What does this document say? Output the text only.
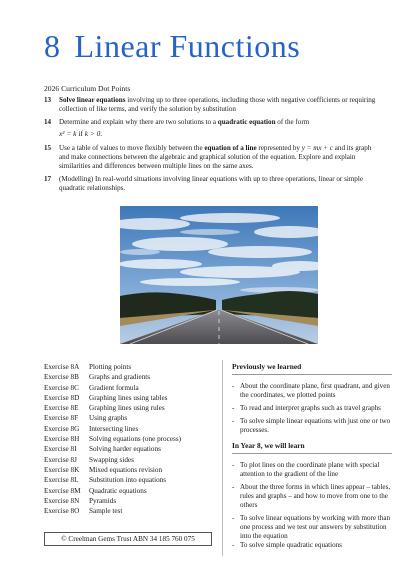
8 Linear Functions
2026 Curriculum Dot Points
13	Solve linear equations involving up to three operations, including those with negative coefficients or requiring collection of like terms, and verify the solution by substitution
14	Determine and explain why there are two solutions to a quadratic equation of the form
x² = k if k > 0.
15	Use a table of values to move flexibly between the equation of a line represented by y = mx + c and its graph and make connections between the algebraic and graphical solution of the equation. Explore and explain similarities and differences between multiple lines on the same axes.
17	(Modelling) In real-world situations involving linear equations with up to three operations, linear or simple quadratic relationships.
Exercise 8A	Plotting points
Exercise 8B	Graphs and gradients
Exercise 8C	Gradient formula
Exercise 8D	Graphing lines using tables
Exercise 8E	Graphing lines using rules
Exercise 8F	Using graphs
Exercise 8G	Intersecting lines
Exercise 8H	Solving equations (one process)
Exercise 8I	Solving harder equations
Exercise 8J	Swapping sides
Exercise 8K	Mixed equations revision
Exercise 8L	Substitution into equations
Exercise 8M	Quadratic equations
Exercise 8N	Pyramids
Exercise 8O	Sample test
Previously we learned
- About the coordinate plane, first quadrant, and given the coordinates, we plotted points
- To read and interpret graphs such as travel graphs
- To solve simple linear equations with just one or two processes.
In Year 8, we will learn
- To plot lines on the coordinate plane with special attention to the gradient of the line
- About the three forms in which lines appear – tables, rules and graphs – and how to move from one to the others
- To solve linear equations by working with more than one process and we test our answers by substitution into the equation
- To solve simple quadratic equations
© Creelman Gems Trust ABN 34 185 760 075
